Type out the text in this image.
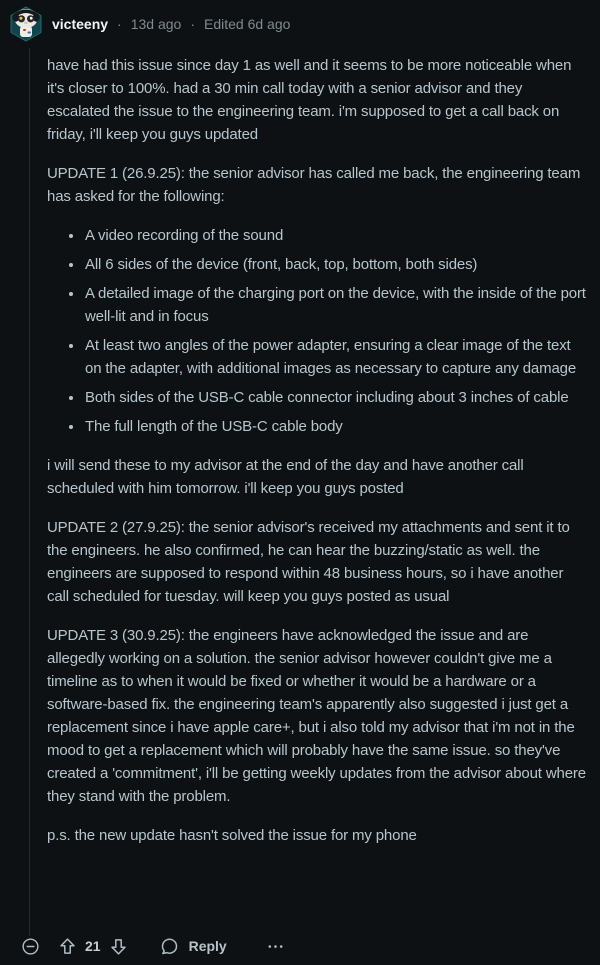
victeeny · 13d ago · Edited 6d ago

have had this issue since day 1 as well and it seems to be more noticeable when it's closer to 100%. had a 30 min call today with a senior advisor and they escalated the issue to the engineering team. i'm supposed to get a call back on friday, i'll keep you guys updated

UPDATE 1 (26.9.25): the senior advisor has called me back, the engineering team has asked for the following:

• A video recording of the sound
• All 6 sides of the device (front, back, top, bottom, both sides)
• A detailed image of the charging port on the device, with the inside of the port well-lit and in focus
• At least two angles of the power adapter, ensuring a clear image of the text on the adapter, with additional images as necessary to capture any damage
• Both sides of the USB-C cable connector including about 3 inches of cable
• The full length of the USB-C cable body

i will send these to my advisor at the end of the day and have another call scheduled with him tomorrow. i'll keep you guys posted

UPDATE 2 (27.9.25): the senior advisor's received my attachments and sent it to the engineers. he also confirmed, he can hear the buzzing/static as well. the engineers are supposed to respond within 48 business hours, so i have another call scheduled for tuesday. will keep you guys posted as usual

UPDATE 3 (30.9.25): the engineers have acknowledged the issue and are allegedly working on a solution. the senior advisor however couldn't give me a timeline as to when it would be fixed or whether it would be a hardware or a software-based fix. the engineering team's apparently also suggested i just get a replacement since i have apple care+, but i also told my advisor that i'm not in the mood to get a replacement which will probably have the same issue. so they've created a 'commitment', i'll be getting weekly updates from the advisor about where they stand with the problem.

p.s. the new update hasn't solved the issue for my phone

21	Reply
